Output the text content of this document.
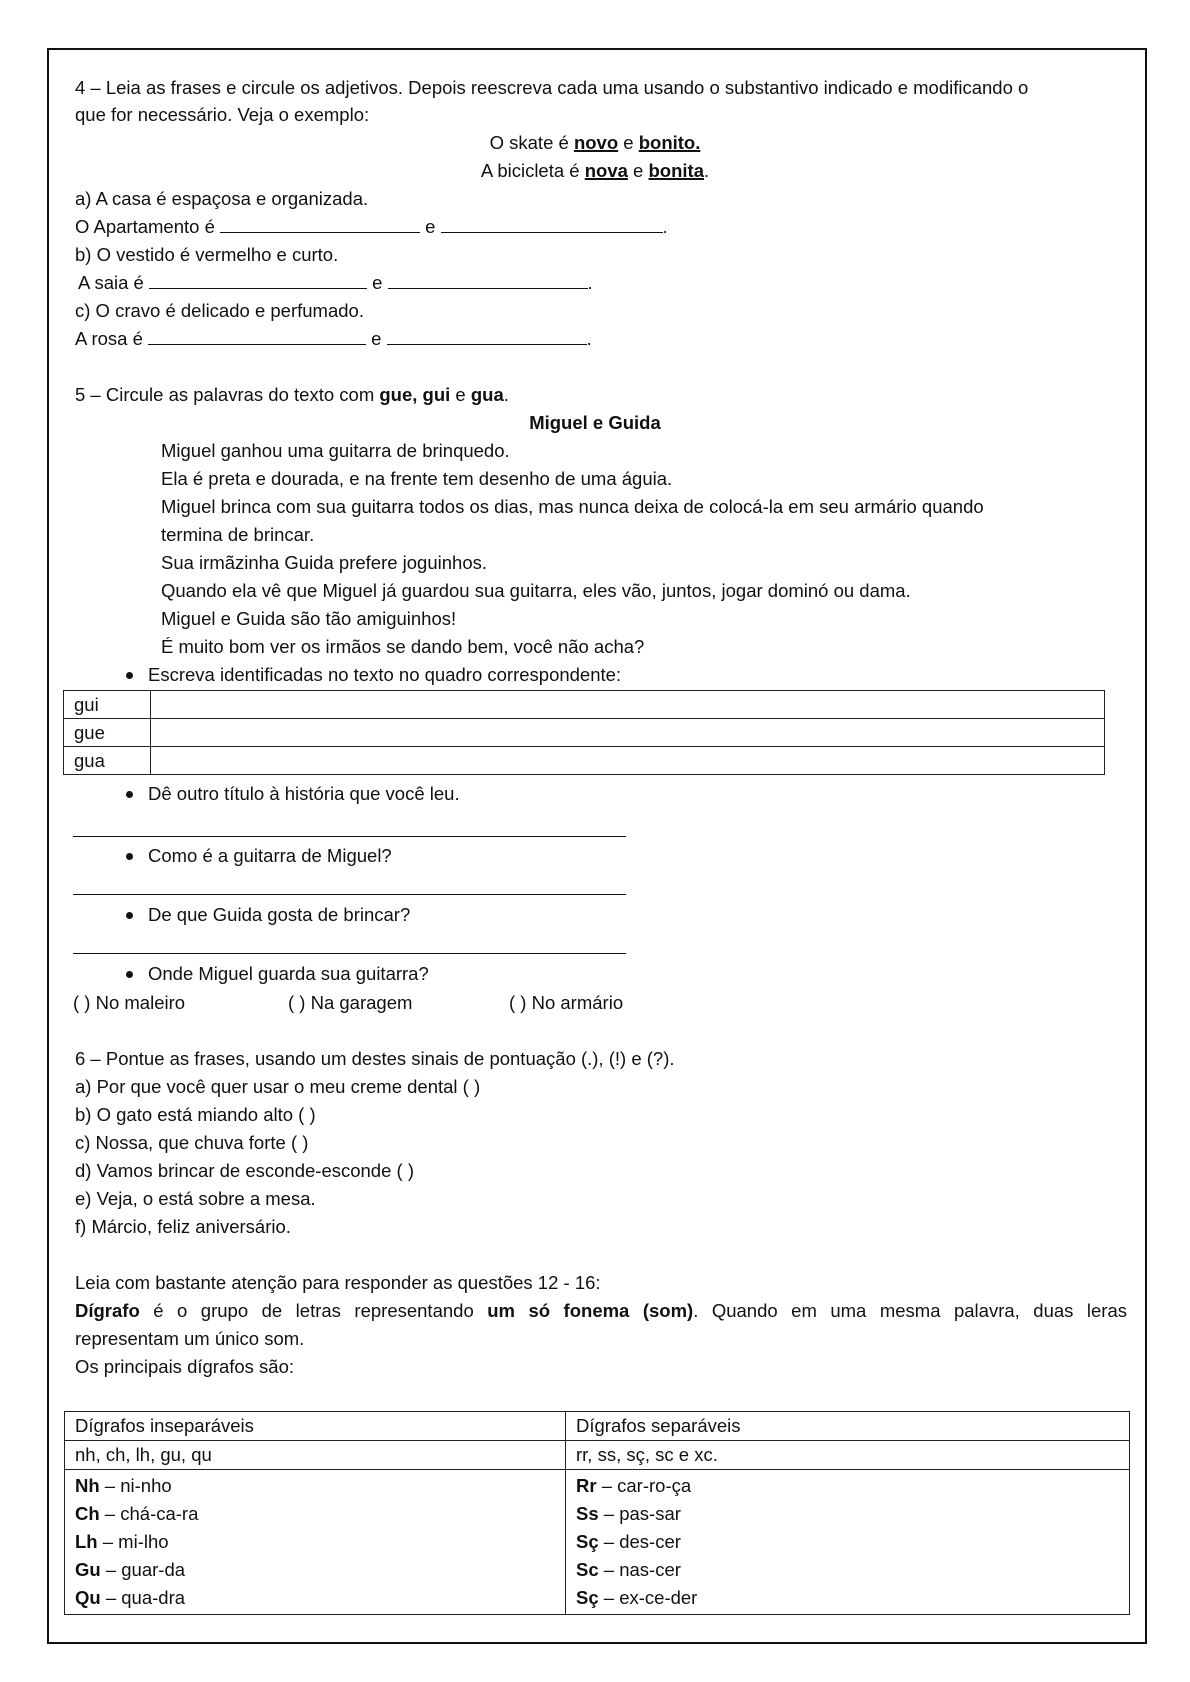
4 – Leia as frases e circule os adjetivos. Depois reescreva cada uma usando o substantivo indicado e modificando o
que for necessário. Veja o exemplo:
O skate é novo e bonito.
A bicicleta é nova e bonita.
a) A casa é espaçosa e organizada.
O Apartamento é	e	.
b) O vestido é vermelho e curto.
A saia é	e	.
c) O cravo é delicado e perfumado.
A rosa é	e	.
5 – Circule as palavras do texto com gue, gui e gua.
Miguel e Guida
Miguel ganhou uma guitarra de brinquedo.
Ela é preta e dourada, e na frente tem desenho de uma águia.
Miguel brinca com sua guitarra todos os dias, mas nunca deixa de colocá-la em seu armário quando
termina de brincar.
Sua irmãzinha Guida prefere joguinhos.
Quando ela vê que Miguel já guardou sua guitarra, eles vão, juntos, jogar dominó ou dama.
Miguel e Guida são tão amiguinhos!
É muito bom ver os irmãos se dando bem, você não acha?
Escreva identificadas no texto no quadro correspondente:
gui	
gue	
gua	
Dê outro título à história que você leu.
Como é a guitarra de Miguel?
De que Guida gosta de brincar?
Onde Miguel guarda sua guitarra?
( ) No maleiro	( ) Na garagem	( ) No armário
6 – Pontue as frases, usando um destes sinais de pontuação (.), (!) e (?).
a) Por que você quer usar o meu creme dental ( )
b) O gato está miando alto ( )
c) Nossa, que chuva forte ( )
d) Vamos brincar de esconde-esconde ( )
e) Veja, o está sobre a mesa.
f) Márcio, feliz aniversário.
Leia com bastante atenção para responder as questões 12 - 16:
Dígrafo é o grupo de letras representando um só fonema (som). Quando em uma mesma palavra, duas leras
representam um único som.
Os principais dígrafos são:
Dígrafos inseparáveis	Dígrafos separáveis
nh, ch, lh, gu, qu	rr, ss, sç, sc e xc.

Nh – ni-nho
Ch – chá-ca-ra
Lh – mi-lho
Gu – guar-da
Qu – qua-dra

Rr – car-ro-ça
Ss – pas-sar
Sç – des-cer
Sc – nas-cer
Sç – ex-ce-der
